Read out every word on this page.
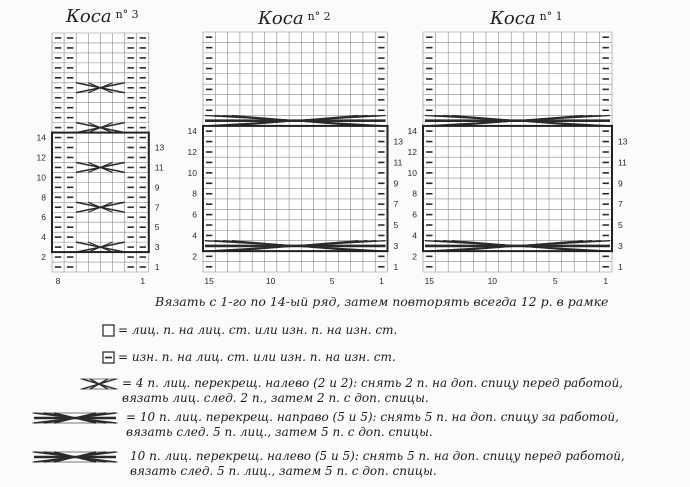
2
4
6
8
10
12
14
1
3
5
7
9
11
13
8	1
2
4
6
8
10
12
14
1
3
5
7
9
11
13
15	10	5	1
2
4
6
8
10
12
14
1
3
5
7
9
11
13
15	10	5	1
Коса $^{n^\circ 3}$	Коса $^{n^\circ 2}$	Коса $^{n^\circ 1}$
Вязать с 1-го по 14-ый ряд, затем повторять всегда 12 р. в рамке
= лиц. п. на лиц. ст. или изн. п. на изн. ст.
= изн. п. на лиц. ст. или изн. п. на изн. ст.
= 4 п. лиц. перекрещ. налево (2 и 2): снять 2 п. на доп. спицу перед работой, вязать лиц. след. 2 п., затем 2 п. с доп. спицы.
= 10 п. лиц. перекрещ. направо (5 и 5): снять 5 п. на доп. спицу за работой, вязать след. 5 п. лиц., затем 5 п. с доп. спицы.
10 п. лиц. перекрещ. налево (5 и 5): снять 5 п. на доп. спицу перед работой, вязать след. 5 п. лиц., затем 5 п. с доп. спицы.
